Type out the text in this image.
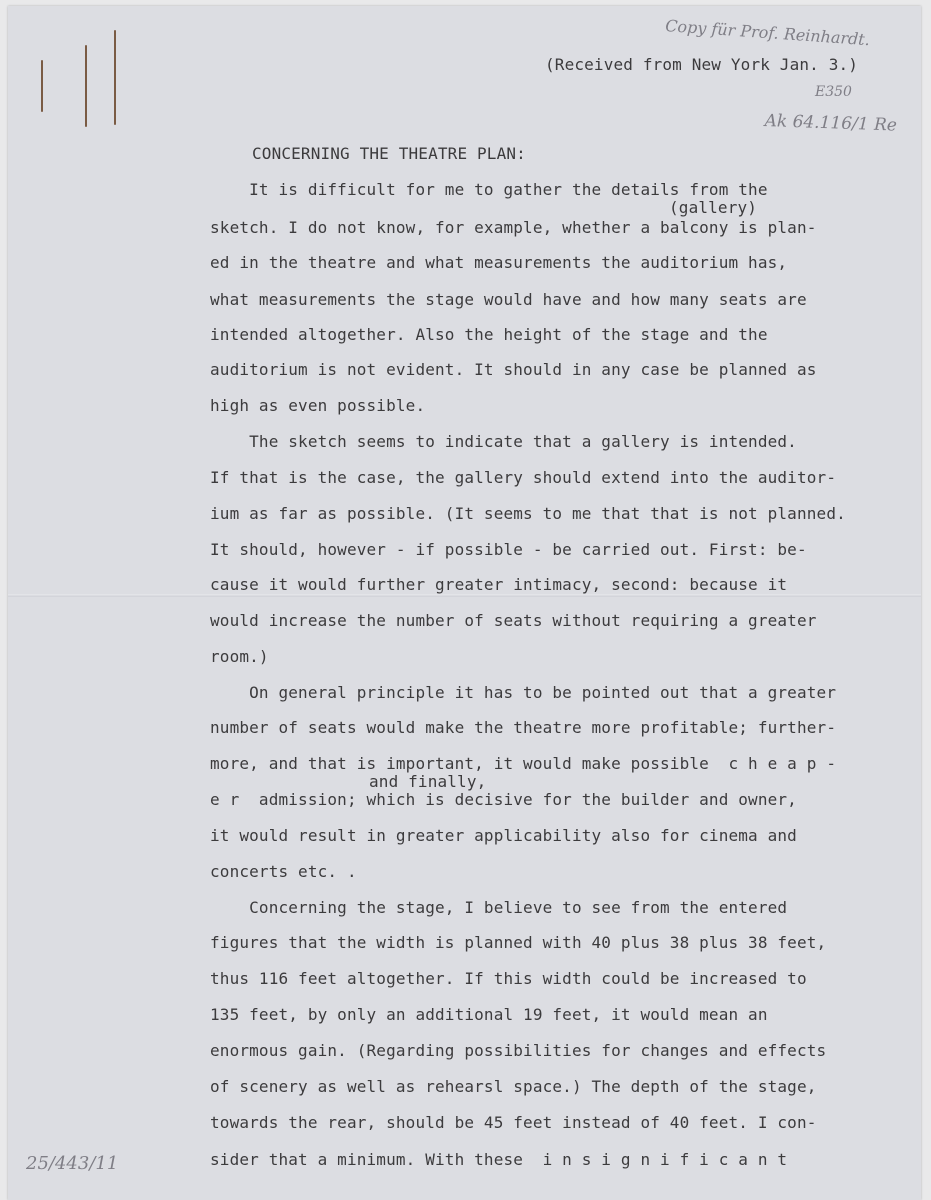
Copy für Prof. Reinhardt.
E350
Ak 64.116/1 Re
25/443/11
(Received from New York Jan. 3.)
CONCERNING THE THEATRE PLAN:
It is difficult for me to gather the details from the
(gallery)
sketch. I do not know, for example, whether a balcony is plan-
ed in the theatre and what measurements the auditorium has,
what measurements the stage would have and how many seats are
intended altogether. Also the height of the stage and the
auditorium is not evident. It should in any case be planned as
high as even possible.
The sketch seems to indicate that a gallery is intended.
If that is the case, the gallery should extend into the auditor-
ium as far as possible. (It seems to me that that is not planned.
It should, however - if possible - be carried out. First: be-
cause it would further greater intimacy, second: because it
would increase the number of seats without requiring a greater
room.)
On general principle it has to be pointed out that a greater
number of seats would make the theatre more profitable; further-
more, and that is important, it would make possible  c h e a p -
and finally,
e r  admission; which is decisive for the builder and owner,
it would result in greater applicability also for cinema and
concerts etc. .
Concerning the stage, I believe to see from the entered
figures that the width is planned with 40 plus 38 plus 38 feet,
thus 116 feet altogether. If this width could be increased to
135 feet, by only an additional 19 feet, it would mean an
enormous gain. (Regarding possibilities for changes and effects
of scenery as well as rehearsl space.) The depth of the stage,
towards the rear, should be 45 feet instead of 40 feet. I con-
sider that a minimum. With these  i n s i g n i f i c a n t
